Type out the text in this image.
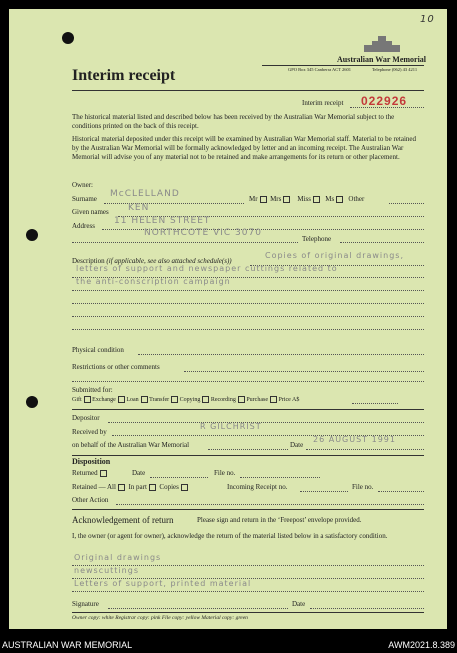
10
Australian War Memorial
GPO Box 345 Canberra ACT 2601	Telephone (062) 43 4211
Interim receipt
Interim receipt 022926
The historical material listed and described below has been received by the Australian War Memorial subject to the conditions printed on the back of this receipt.
Historical material deposited under this receipt will be examined by Australian War Memorial staff. Material to be retained by the Australian War Memorial will be formally acknowledged by letter and an incoming receipt. The Australian War Memorial will advise you of any material not to be retained and make arrangements for its return or other placement.
Owner:
Surname McCLELLAND	Mr Mrs Miss Ms Other
Given names KEN
Address 11 HELEN STREET
NORTHCOTE VIC 3070
Telephone
Description (if applicable, see also attached schedule(s))
Copies of original drawings,
letters of support and newspaper cuttings related to
the anti-conscription campaign
Physical condition
Restrictions or other comments
Submitted for:
Gift Exchange Loan Transfer Copying Recording Purchase Price A$
Depositor
Received by
R GILCHRIST
on behalf of the Australian War Memorial	Date
26 AUGUST 1991
Disposition
Returned	Date	File no.
Retained — All In part Copies	Incoming Receipt no.	File no.
Other Action
Acknowledgement of return	Please sign and return in the ‘Freepost’ envelope provided.
I, the owner (or agent for owner), acknowledge the return of the material listed below in a satisfactory condition.
Original drawings
newscuttings
Letters of support, printed material
Signature	Date
Owner copy: white Registrar copy: pink File copy: yellow Material copy: green
AUSTRALIAN WAR MEMORIAL	AWM2021.8.389
